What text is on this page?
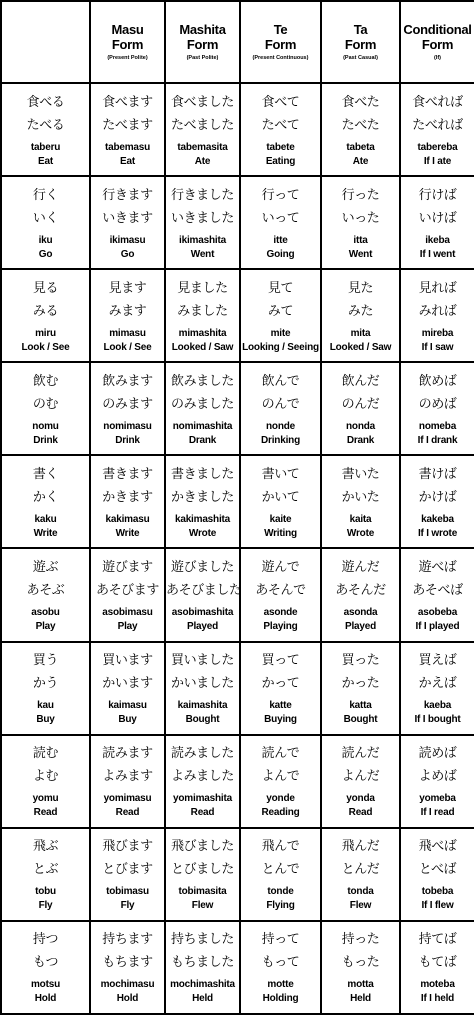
	Masu
Form
(Present Polite)	Mashita
Form
(Past Polite)	Te
Form
(Present Continuous)	Ta
Form
(Past Casual)	Conditional
Form
(If)

食べる
たべる
taberu
Eat	食べます
たべます
tabemasu
Eat	食べました
たべました
tabemasita
Ate	食べて
たべて
tabete
Eating	食べた
たべた
tabeta
Ate	食べれば
たべれば
tabereba
If I ate

行く
いく
iku
Go	行きます
いきます
ikimasu
Go	行きました
いきました
ikimashita
Went	行って
いって
itte
Going	行った
いった
itta
Went	行けば
いけば
ikeba
If I went

見る
みる
miru
Look / See	見ます
みます
mimasu
Look / See	見ました
みました
mimashita
Looked / Saw	見て
みて
mite
Looking / Seeing	見た
みた
mita
Looked / Saw	見れば
みれば
mireba
If I saw

飲む
のむ
nomu
Drink	飲みます
のみます
nomimasu
Drink	飲みました
のみました
nomimashita
Drank	飲んで
のんで
nonde
Drinking	飲んだ
のんだ
nonda
Drank	飲めば
のめば
nomeba
If I drank

書く
かく
kaku
Write	書きます
かきます
kakimasu
Write	書きました
かきました
kakimashita
Wrote	書いて
かいて
kaite
Writing	書いた
かいた
kaita
Wrote	書けば
かけば
kakeba
If I wrote

遊ぶ
あそぶ
asobu
Play	遊びます
あそびます
asobimasu
Play	遊びました
あそびました
asobimashita
Played	遊んで
あそんで
asonde
Playing	遊んだ
あそんだ
asonda
Played	遊べば
あそべば
asobeba
If I played

買う
かう
kau
Buy	買います
かいます
kaimasu
Buy	買いました
かいました
kaimashita
Bought	買って
かって
katte
Buying	買った
かった
katta
Bought	買えば
かえば
kaeba
If I bought

読む
よむ
yomu
Read	読みます
よみます
yomimasu
Read	読みました
よみました
yomimashita
Read	読んで
よんで
yonde
Reading	読んだ
よんだ
yonda
Read	読めば
よめば
yomeba
If I read

飛ぶ
とぶ
tobu
Fly	飛びます
とびます
tobimasu
Fly	飛びました
とびました
tobimasita
Flew	飛んで
とんで
tonde
Flying	飛んだ
とんだ
tonda
Flew	飛べば
とべば
tobeba
If I flew

持つ
もつ
motsu
Hold	持ちます
もちます
mochimasu
Hold	持ちました
もちました
mochimashita
Held	持って
もって
motte
Holding	持った
もった
motta
Held	持てば
もてば
moteba
If I held
